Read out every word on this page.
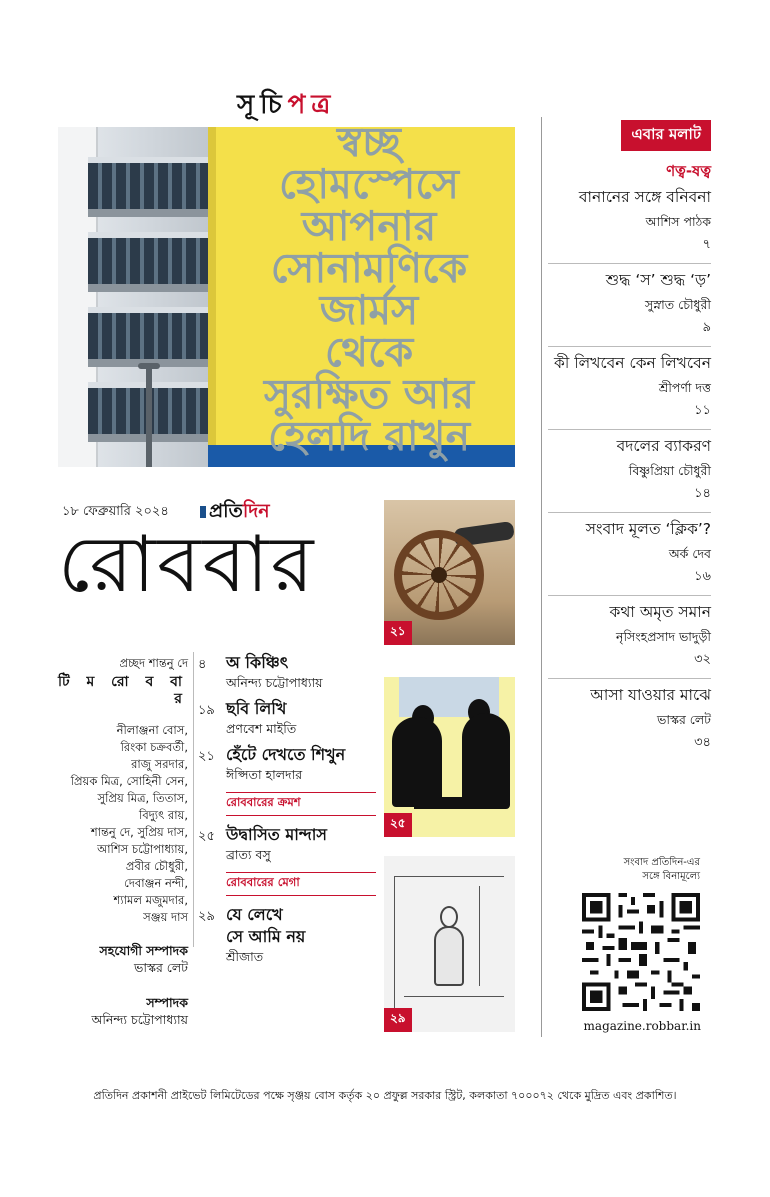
সূচিপত্র
স্বচ্ছ
হোমস্পেসে
আপনার
সোনামণিকে
জার্মস
থেকে
সুরক্ষিত আর
হেলদি রাখুন
১৮ ফেব্রুয়ারি ২০২৪	প্রতিদিন
রোববার
প্রচ্ছদ শান্তনু দে
টি ম রো ব বা র
নীলাঞ্জনা বোস,
রিংকা চক্রবর্তী,
রাজু সরদার,
প্রিয়ক মিত্র, সোহিনী সেন,
সুপ্রিয় মিত্র, তিতাস,
বিদ্যুৎ রায়,
শান্তনু দে, সুপ্রিয় দাস,
আশিস চট্টোপাধ্যায়,
প্রবীর চৌধুরী,
দেবাঞ্জন নন্দী,
শ্যামল মজুমদার,
সঞ্জয় দাস
সহযোগী সম্পাদক
ভাস্কর লেট
সম্পাদক
অনিন্দ্য চট্টোপাধ্যায়
৪ অ কিঞ্চিৎ
অনিন্দ্য চট্টোপাধ্যায়
১৯ ছবি লিখি
প্রণবেশ মাইতি
২১ হেঁটে দেখতে শিখুন
ঈপ্সিতা হালদার
রোববারের ক্রমশ
২৫ উদ্বাসিত মান্দাস
ব্রাত্য বসু
রোববারের মেগা
২৯ যে লেখে
সে আমি নয়
শ্রীজাত
২১
২৫
২৯
এবার মলাট
ণত্ব-ষত্ব
বানানের সঙ্গে বনিবনা
আশিস পাঠক
৭
শুদ্ধ ‘স’ শুদ্ধ ‘ড়’
সুস্নাত চৌধুরী
৯
কী লিখবেন কেন লিখবেন
শ্রীপর্ণা দত্ত
১১
বদলের ব্যাকরণ
বিষ্ণুপ্রিয়া চৌধুরী
১৪
সংবাদ মূলত ‘ক্লিক’?
অর্ক দেব
১৬
কথা অমৃত সমান
নৃসিংহপ্রসাদ ভাদুড়ী
৩২
আসা যাওয়ার মাঝে
ভাস্কর লেট
৩৪
সংবাদ প্রতিদিন-এর
সঙ্গে বিনামূল্যে
magazine.robbar.in
প্রতিদিন প্রকাশনী প্রাইভেট লিমিটেডের পক্ষে সৃঞ্জয় বোস কর্তৃক ২০ প্রফুল্ল সরকার স্ট্রিট, কলকাতা ৭০০০৭২ থেকে মুদ্রিত এবং প্রকাশিত।
